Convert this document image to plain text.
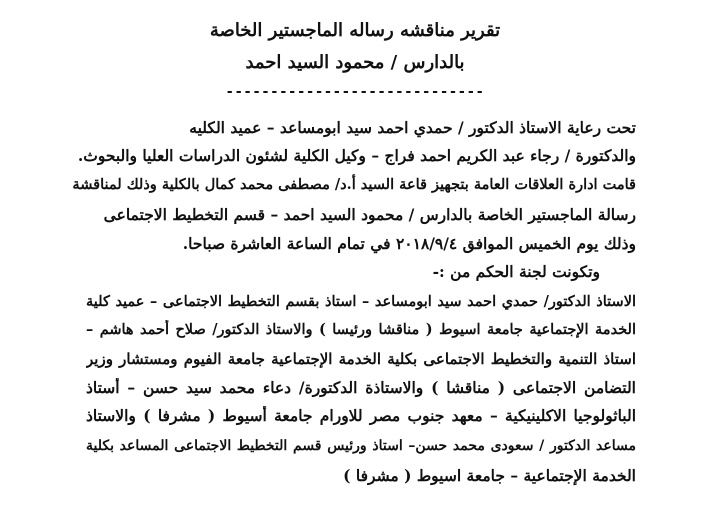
تقرير مناقشه رساله الماجستير الخاصة
بالدارس / محمود السيد احمد
-----------------------------
تحت رعاية الاستاذ الدكتور / حمدي احمد سيد ابومساعد – عميد الكليه
والدكتورة / رجاء عبد الكريم احمد فراج – وكيل الكلية لشئون الدراسات العليا والبحوث.
قامت ادارة العلاقات العامة بتجهيز قاعة السيد أ.د/ مصطفى محمد كمال بالكلية وذلك لمناقشة
رسالة الماجستير الخاصة بالدارس / محمود السيد احمد – قسم التخطيط الاجتماعى
وذلك يوم الخميس الموافق ٢٠١٨/٩/٤ في تمام الساعة العاشرة صباحا.
وتكونت لجنة الحكم من :-
الاستاذ الدكتور/ حمدي احمد سيد ابومساعد – استاذ بقسم التخطيط الاجتماعى – عميد كلية
الخدمة الإجتماعية جامعة اسيوط ( مناقشا ورئيسا ) والاستاذ الدكتور/ صلاح أحمد هاشم –
استاذ التنمية والتخطيط الاجتماعى بكلية الخدمة الإجتماعية جامعة الفيوم ومستشار وزير
التضامن الاجتماعى ( مناقشا ) والاستاذة الدكتورة/ دعاء محمد سيد حسن – أستاذ
الباثولوجيا الاكلينيكية – معهد جنوب مصر للاورام جامعة أسيوط ( مشرفا ) والاستاذ
مساعد الدكتور / سعودى محمد حسن– استاذ ورئيس قسم التخطيط الاجتماعى المساعد بكلية
الخدمة الإجتماعية – جامعة اسيوط ( مشرفا )
